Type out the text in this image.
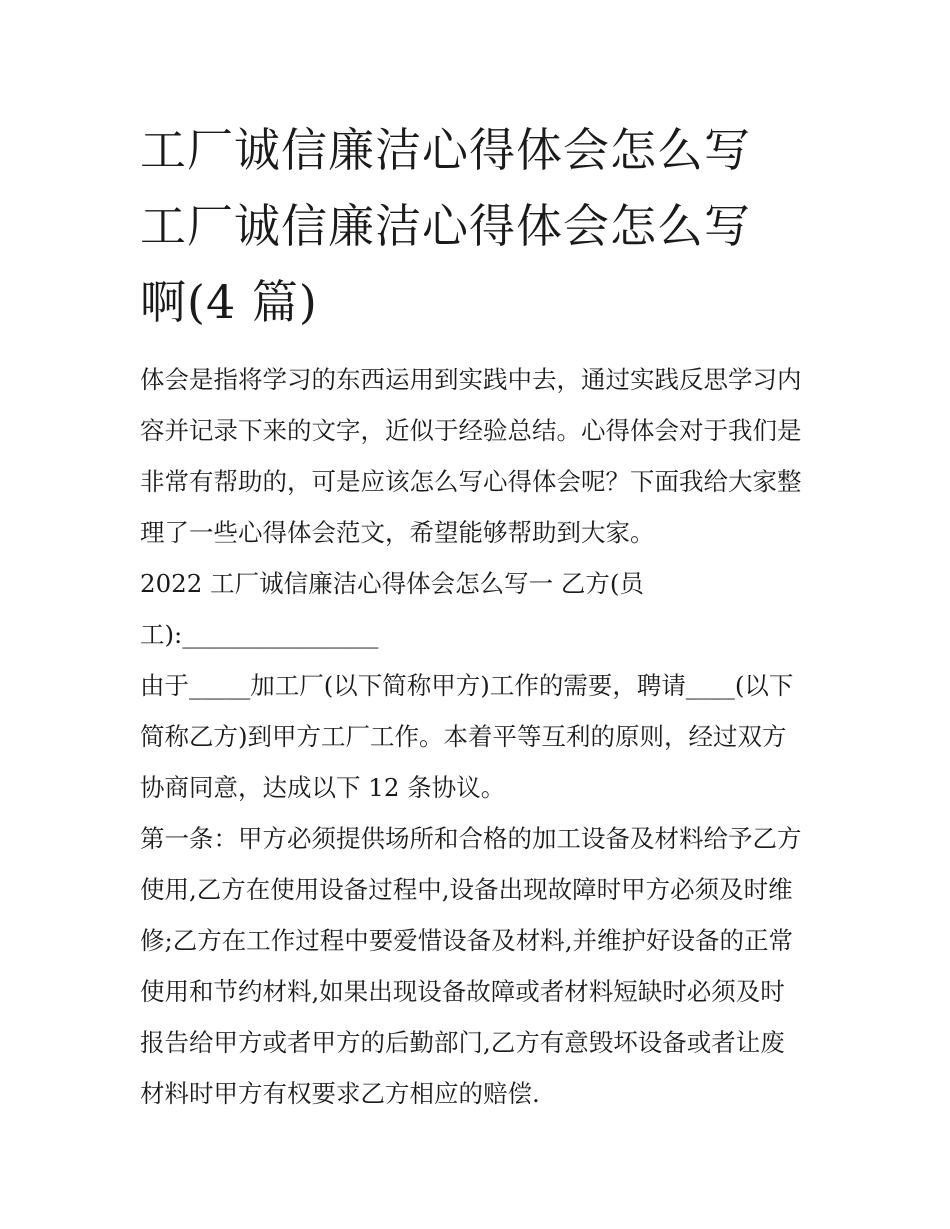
工厂诚信廉洁心得体会怎么写
工厂诚信廉洁心得体会怎么写
啊(4 篇)

体会是指将学习的东西运用到实践中去，通过实践反思学习内
容并记录下来的文字，近似于经验总结。心得体会对于我们是
非常有帮助的，可是应该怎么写心得体会呢？下面我给大家整
理了一些心得体会范文，希望能够帮助到大家。

2022 工厂诚信廉洁心得体会怎么写一 乙方(员
工):________________

由于_____加工厂(以下简称甲方)工作的需要，聘请____(以下
简称乙方)到甲方工厂工作。本着平等互利的原则，经过双方
协商同意，达成以下 12 条协议。

第一条：甲方必须提供场所和合格的加工设备及材料给予乙方
使用,乙方在使用设备过程中,设备出现故障时甲方必须及时维
修;乙方在工作过程中要爱惜设备及材料,并维护好设备的正常
使用和节约材料,如果出现设备故障或者材料短缺时必须及时
报告给甲方或者甲方的后勤部门,乙方有意毁坏设备或者让废
材料时甲方有权要求乙方相应的赔偿.
